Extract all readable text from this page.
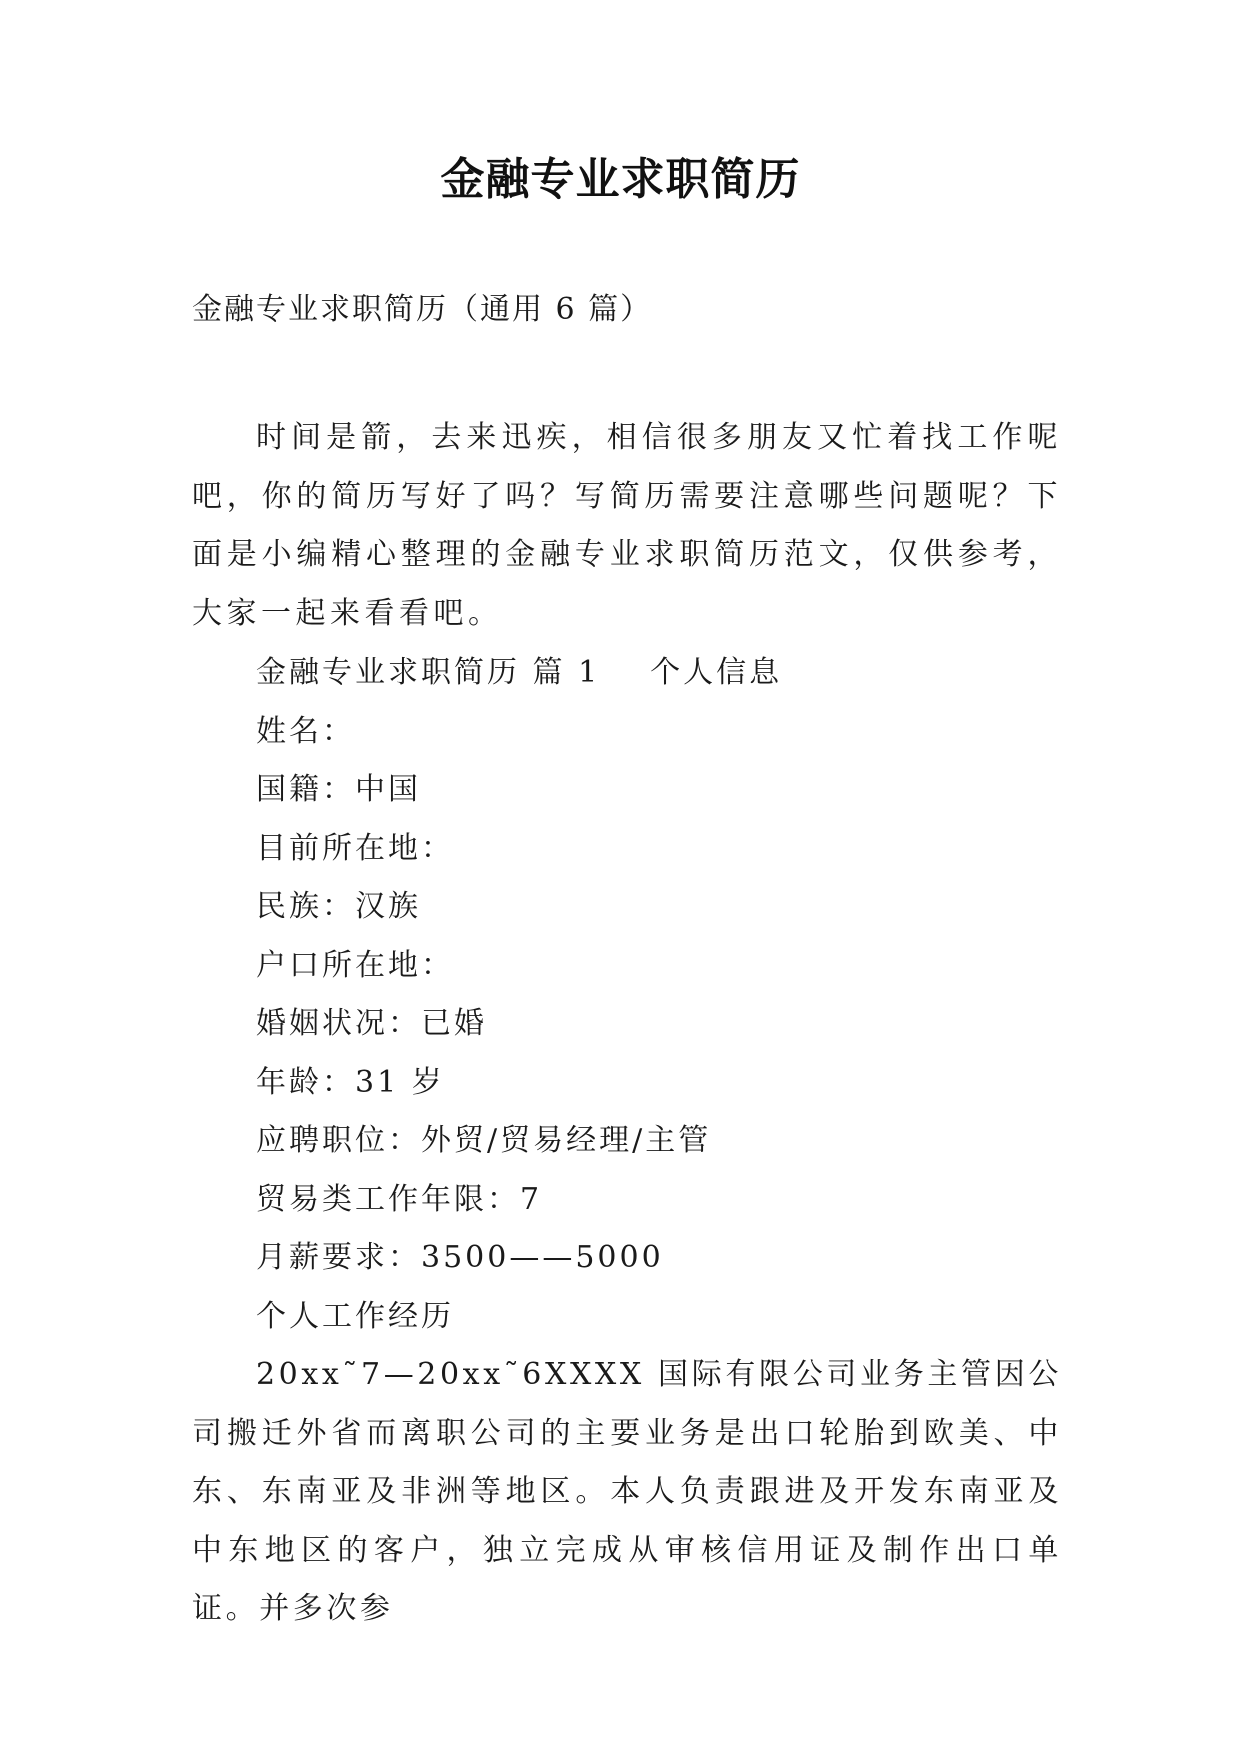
金融专业求职简历
金融专业求职简历（通用 6 篇）

时间是箭，去来迅疾，相信很多朋友又忙着找工作呢吧，你的简历写好了吗？写简历需要注意哪些问题呢？下面是小编精心整理的金融专业求职简历范文，仅供参考，大家一起来看看吧。

金融专业求职简历 篇 1 个人信息
姓名：
国籍：中国
目前所在地：
民族：汉族
户口所在地：
婚姻状况：已婚
年龄：31 岁
应聘职位：外贸/贸易经理/主管
贸易类工作年限：7
月薪要求：3500——5000
个人工作经历

20xx˜7—20xx˜6XXXX 国际有限公司业务主管因公司搬迁外省而离职公司的主要业务是出口轮胎到欧美、中东、东南亚及非洲等地区。本人负责跟进及开发东南亚及中东地区的客户，独立完成从审核信用证及制作出口单证。并多次参
